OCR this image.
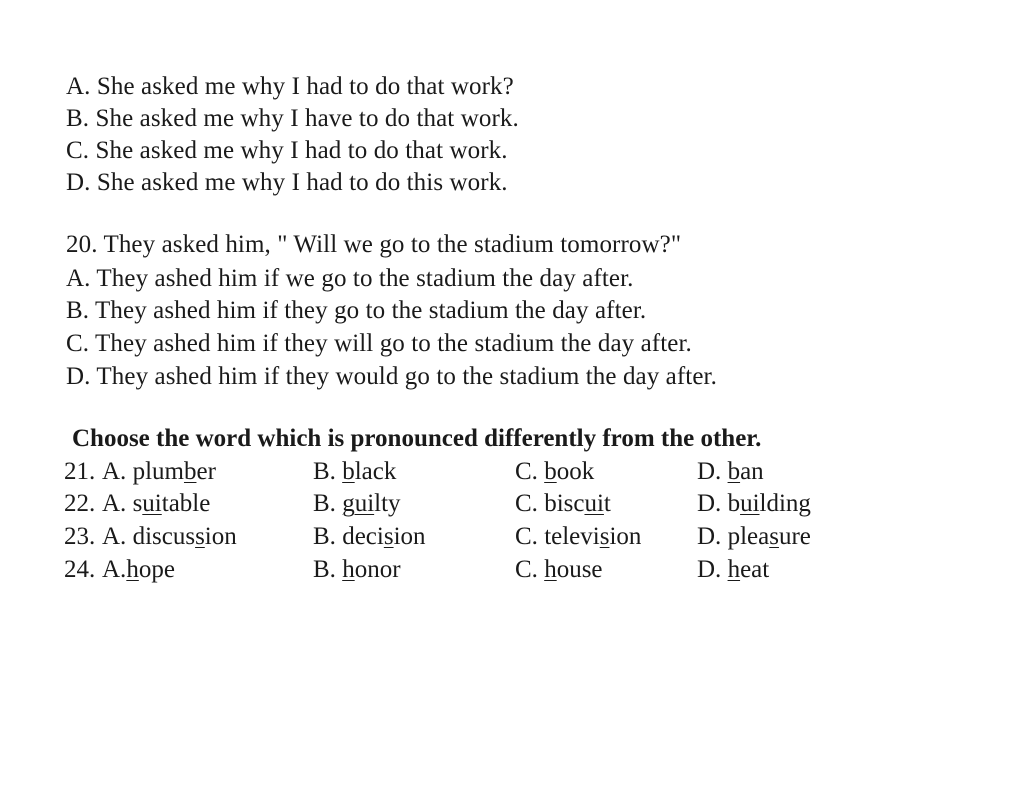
A. She asked me why I had to do that work?
B. She asked me why I have to do that work.
C. She asked me why I had to do that work.
D. She asked me why I had to do this work.
20. They asked him, " Will we go to the stadium tomorrow?"
A. They ashed him if we go to the stadium the day after.
B. They ashed him if they go to the stadium the day after.
C. They ashed him if they will go to the stadium the day after.
D. They ashed him if they would go to the stadium the day after.
Choose the word which is pronounced differently from the other.
21. A. plumber	B. black	C. book	D. ban
22. A. suitable	B. guilty	C. biscuit	D. building
23. A. discussion	B. decision	C. television D. pleasure
24. A.hope	B. honor	C. house	D. heat
